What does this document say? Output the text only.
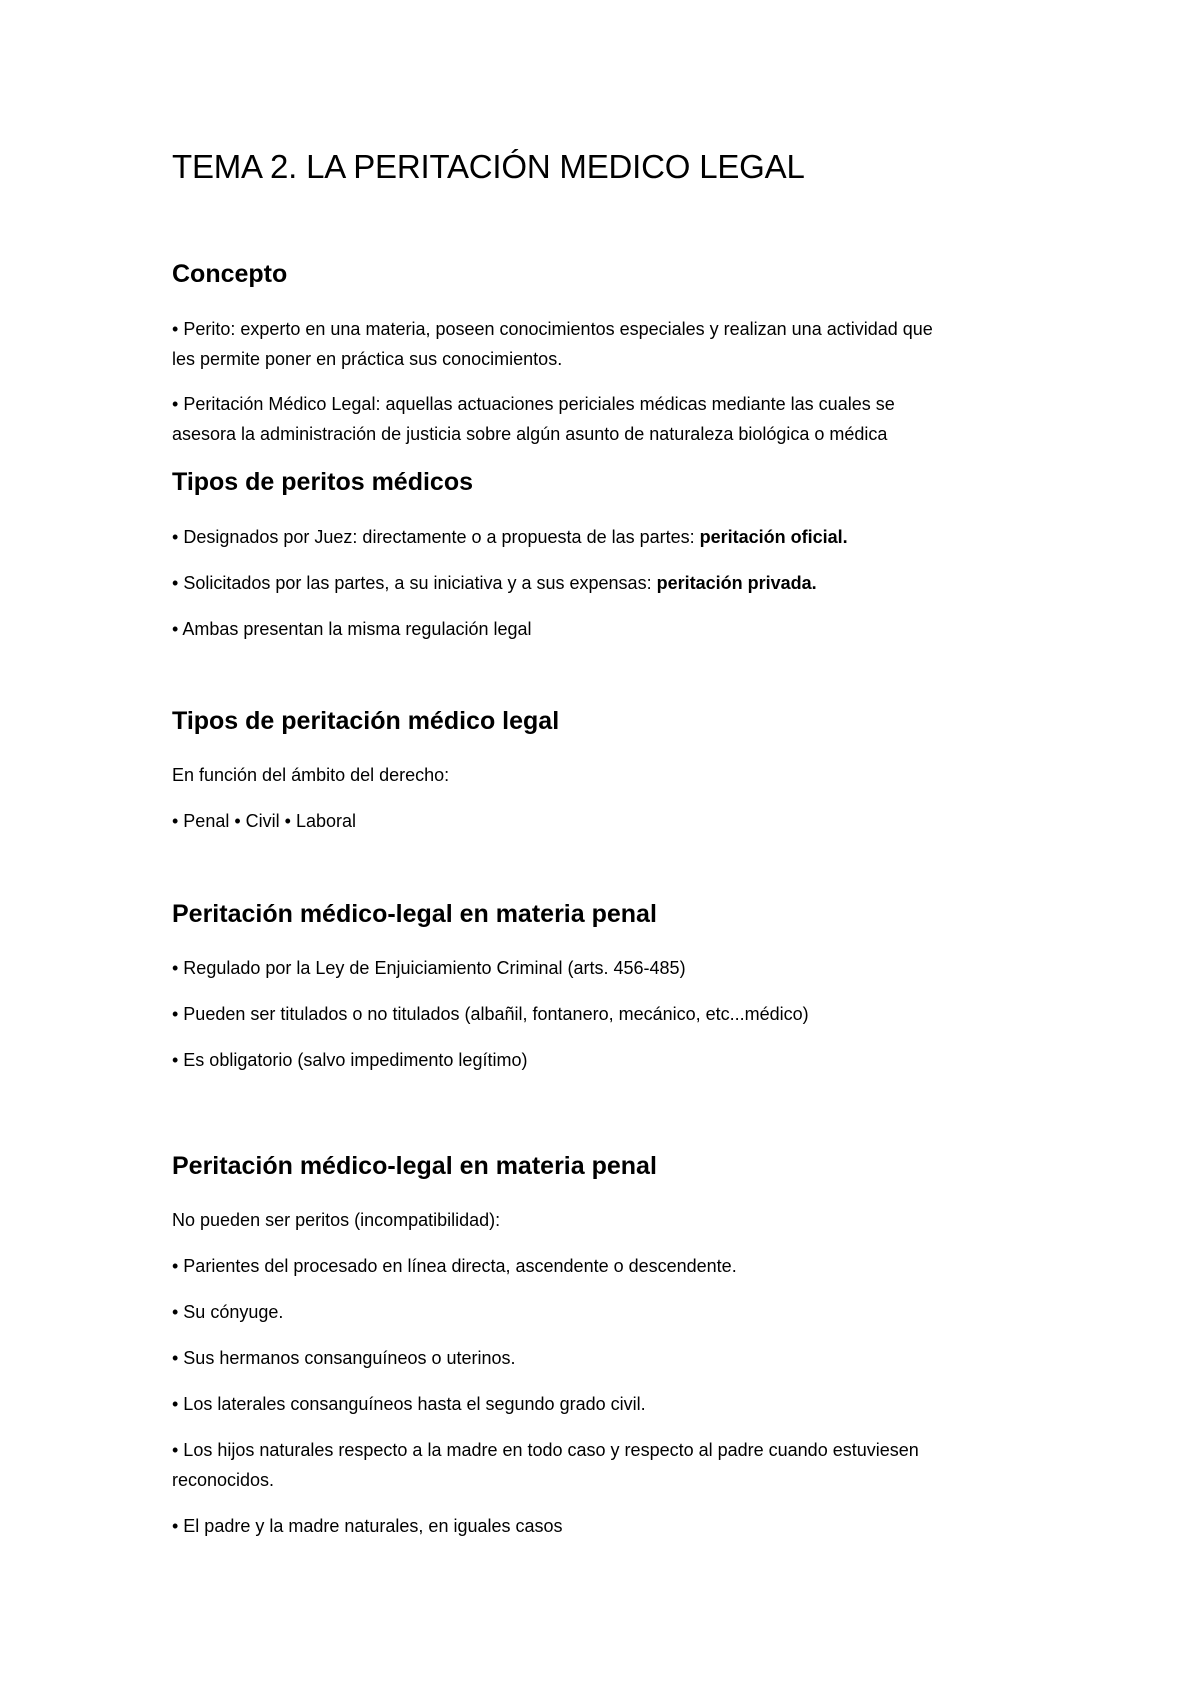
TEMA 2. LA PERITACIÓN MEDICO LEGAL
Concepto

• Perito: experto en una materia, poseen conocimientos especiales y realizan una actividad que
les permite poner en práctica sus conocimientos.

• Peritación Médico Legal: aquellas actuaciones periciales médicas mediante las cuales se
asesora la administración de justicia sobre algún asunto de naturaleza biológica o médica

Tipos de peritos médicos

• Designados por Juez: directamente o a propuesta de las partes: peritación oficial.

• Solicitados por las partes, a su iniciativa y a sus expensas: peritación privada.

• Ambas presentan la misma regulación legal

Tipos de peritación médico legal

En función del ámbito del derecho:

• Penal • Civil • Laboral

Peritación médico-legal en materia penal

• Regulado por la Ley de Enjuiciamiento Criminal (arts. 456-485)

• Pueden ser titulados o no titulados (albañil, fontanero, mecánico, etc...médico)

• Es obligatorio (salvo impedimento legítimo)

Peritación médico-legal en materia penal

No pueden ser peritos (incompatibilidad):

• Parientes del procesado en línea directa, ascendente o descendente.

• Su cónyuge.

• Sus hermanos consanguíneos o uterinos.

• Los laterales consanguíneos hasta el segundo grado civil.

• Los hijos naturales respecto a la madre en todo caso y respecto al padre cuando estuviesen
reconocidos.

• El padre y la madre naturales, en iguales casos
